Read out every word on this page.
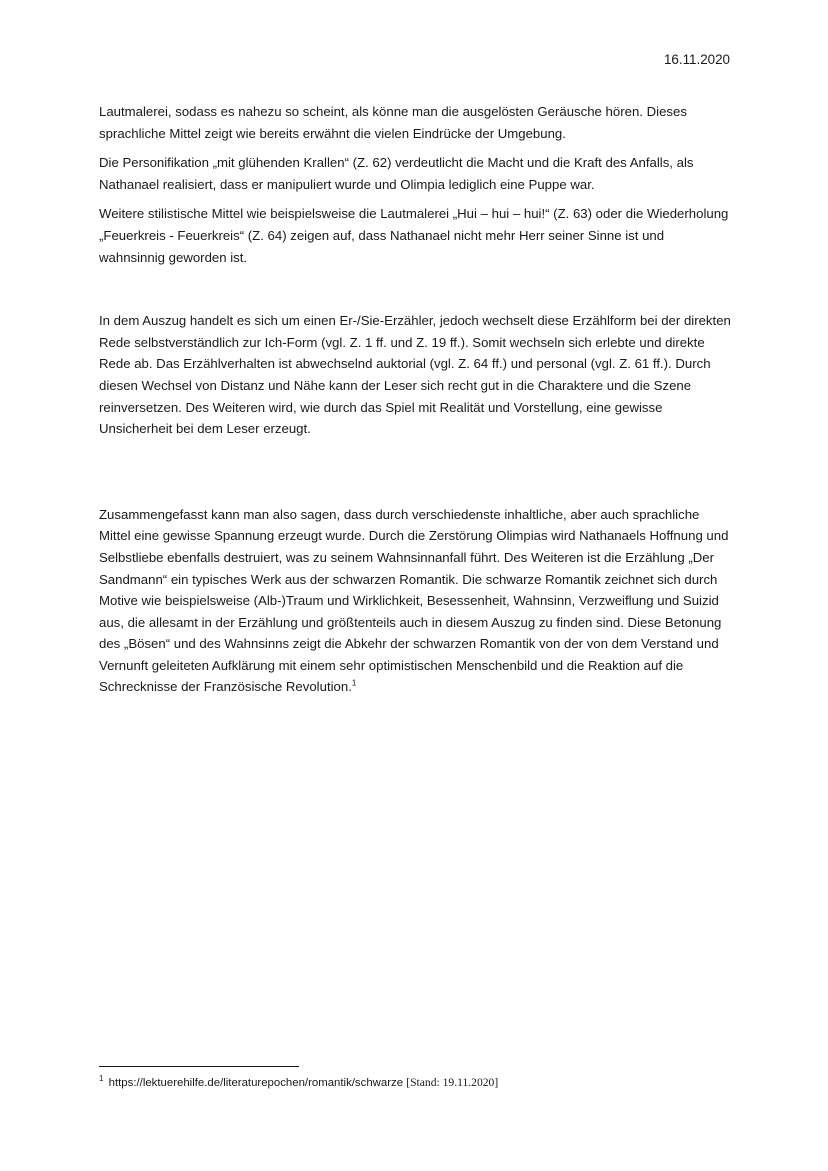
16.11.2020

Lautmalerei, sodass es nahezu so scheint, als könne man die ausgelösten Geräusche hören. Dieses sprachliche Mittel zeigt wie bereits erwähnt die vielen Eindrücke der Umgebung.

Die Personifikation „mit glühenden Krallen“ (Z. 62) verdeutlicht die Macht und die Kraft des Anfalls, als Nathanael realisiert, dass er manipuliert wurde und Olimpia lediglich eine Puppe war.

Weitere stilistische Mittel wie beispielsweise die Lautmalerei „Hui – hui – hui!“ (Z. 63) oder die Wiederholung „Feuerkreis - Feuerkreis“ (Z. 64) zeigen auf, dass Nathanael nicht mehr Herr seiner Sinne ist und wahnsinnig geworden ist.

In dem Auszug handelt es sich um einen Er-/Sie-Erzähler, jedoch wechselt diese Erzählform bei der direkten Rede selbstverständlich zur Ich-Form (vgl. Z. 1 ff. und Z. 19 ff.). Somit wechseln sich erlebte und direkte Rede ab. Das Erzählverhalten ist abwechselnd auktorial (vgl. Z. 64 ff.) und personal (vgl. Z. 61 ff.). Durch diesen Wechsel von Distanz und Nähe kann der Leser sich recht gut in die Charaktere und die Szene reinversetzen. Des Weiteren wird, wie durch das Spiel mit Realität und Vorstellung, eine gewisse Unsicherheit bei dem Leser erzeugt.

Zusammengefasst kann man also sagen, dass durch verschiedenste inhaltliche, aber auch sprachliche Mittel eine gewisse Spannung erzeugt wurde. Durch die Zerstörung Olimpias wird Nathanaels Hoffnung und Selbstliebe ebenfalls destruiert, was zu seinem Wahnsinnanfall führt. Des Weiteren ist die Erzählung „Der Sandmann“ ein typisches Werk aus der schwarzen Romantik. Die schwarze Romantik zeichnet sich durch Motive wie beispielsweise (Alb-)Traum und Wirklichkeit, Besessenheit, Wahnsinn, Verzweiflung und Suizid aus, die allesamt in der Erzählung und größtenteils auch in diesem Auszug zu finden sind. Diese Betonung des „Bösen“ und des Wahnsinns zeigt die Abkehr der schwarzen Romantik von der von dem Verstand und Vernunft geleiteten Aufklärung mit einem sehr optimistischen Menschenbild und die Reaktion auf die Schrecknisse der Französische Revolution.$^1$

$^1$ https://lektuerehilfe.de/literaturepochen/romantik/schwarze [Stand: 19.11.2020]
